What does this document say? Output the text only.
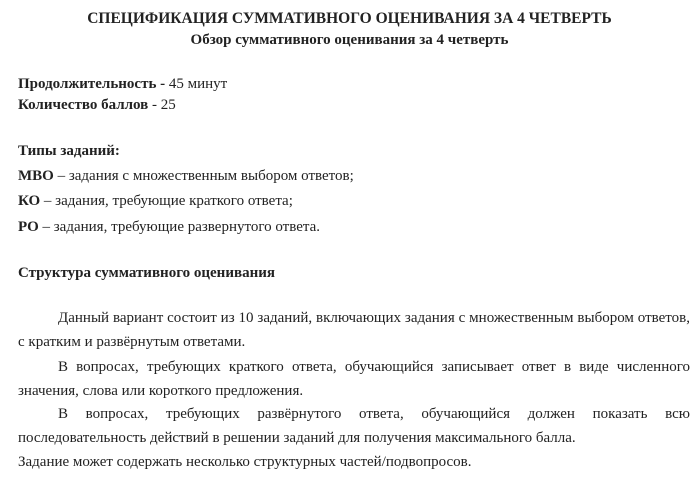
СПЕЦИФИКАЦИЯ СУММАТИВНОГО ОЦЕНИВАНИЯ ЗА 4 ЧЕТВЕРТЬ
Обзор суммативного оценивания за 4 четверть
Продолжительность - 45 минут
Количество баллов - 25
Типы заданий:
МВО – задания с множественным выбором ответов;
КО – задания, требующие краткого ответа;
РО – задания, требующие развернутого ответа.
Структура суммативного оценивания
Данный вариант состоит из 10 заданий, включающих задания с множественным выбором ответов, с кратким и развёрнутым ответами.
В вопросах, требующих краткого ответа, обучающийся записывает ответ в виде численного значения, слова или короткого предложения.
В вопросах, требующих развёрнутого ответа, обучающийся должен показать всю последовательность действий в решении заданий для получения максимального балла.
Задание может содержать несколько структурных частей/подвопросов.
